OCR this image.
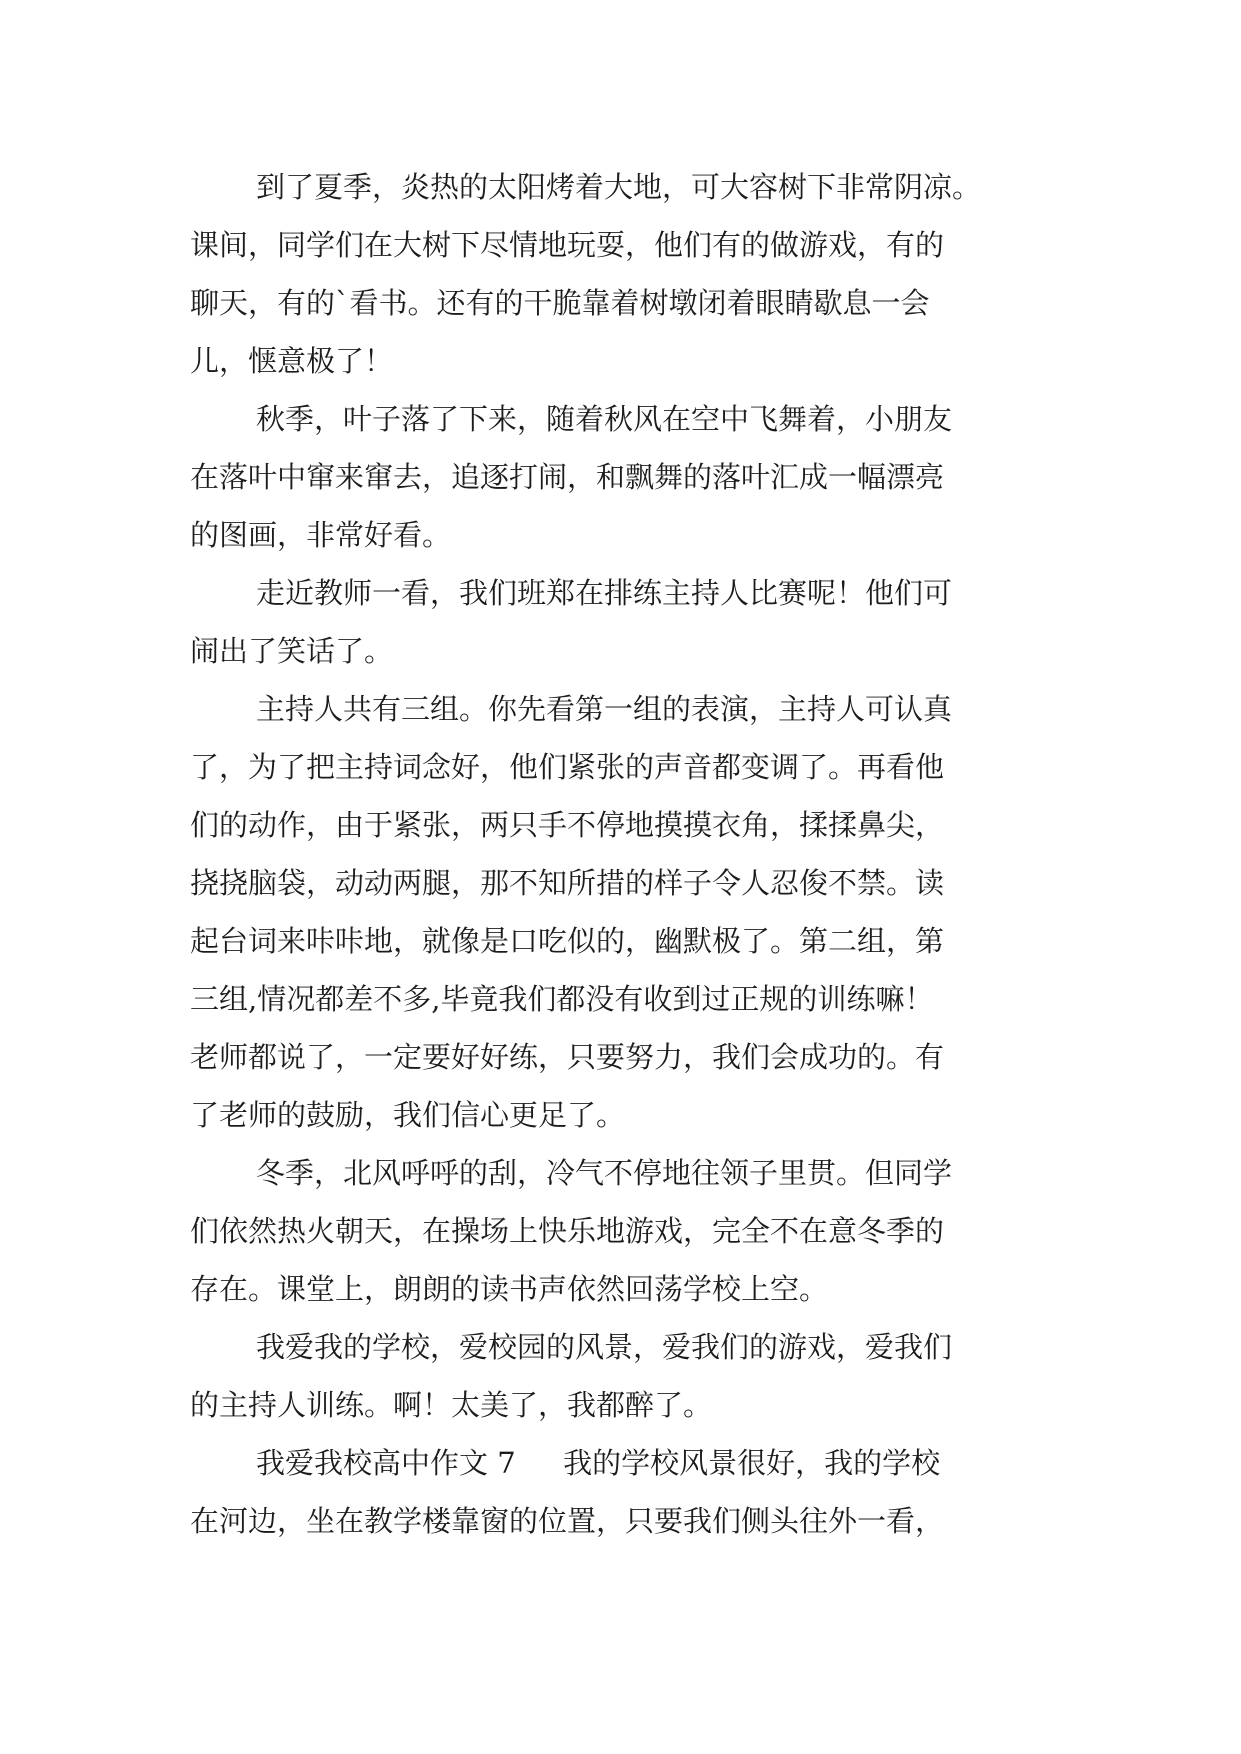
到了夏季，炎热的太阳烤着大地，可大容树下非常阴凉。
课间，同学们在大树下尽情地玩耍，他们有的做游戏，有的
聊天，有的`看书。还有的干脆靠着树墩闭着眼睛歇息一会
儿，惬意极了！
秋季，叶子落了下来，随着秋风在空中飞舞着，小朋友
在落叶中窜来窜去，追逐打闹，和飘舞的落叶汇成一幅漂亮
的图画，非常好看。
走近教师一看，我们班郑在排练主持人比赛呢！他们可
闹出了笑话了。
主持人共有三组。你先看第一组的表演，主持人可认真
了，为了把主持词念好，他们紧张的声音都变调了。再看他
们的动作，由于紧张，两只手不停地摸摸衣角，揉揉鼻尖，
挠挠脑袋，动动两腿，那不知所措的样子令人忍俊不禁。读
起台词来咔咔地，就像是口吃似的，幽默极了。第二组，第
三组,情况都差不多,毕竟我们都没有收到过正规的训练嘛！
老师都说了，一定要好好练，只要努力，我们会成功的。有
了老师的鼓励，我们信心更足了。
冬季，北风呼呼的刮，冷气不停地往领子里贯。但同学
们依然热火朝天，在操场上快乐地游戏，完全不在意冬季的
存在。课堂上，朗朗的读书声依然回荡学校上空。
我爱我的学校，爱校园的风景，爱我们的游戏，爱我们
的主持人训练。啊！太美了，我都醉了。
我爱我校高中作文 7 　 我的学校风景很好，我的学校
在河边，坐在教学楼靠窗的位置，只要我们侧头往外一看，
